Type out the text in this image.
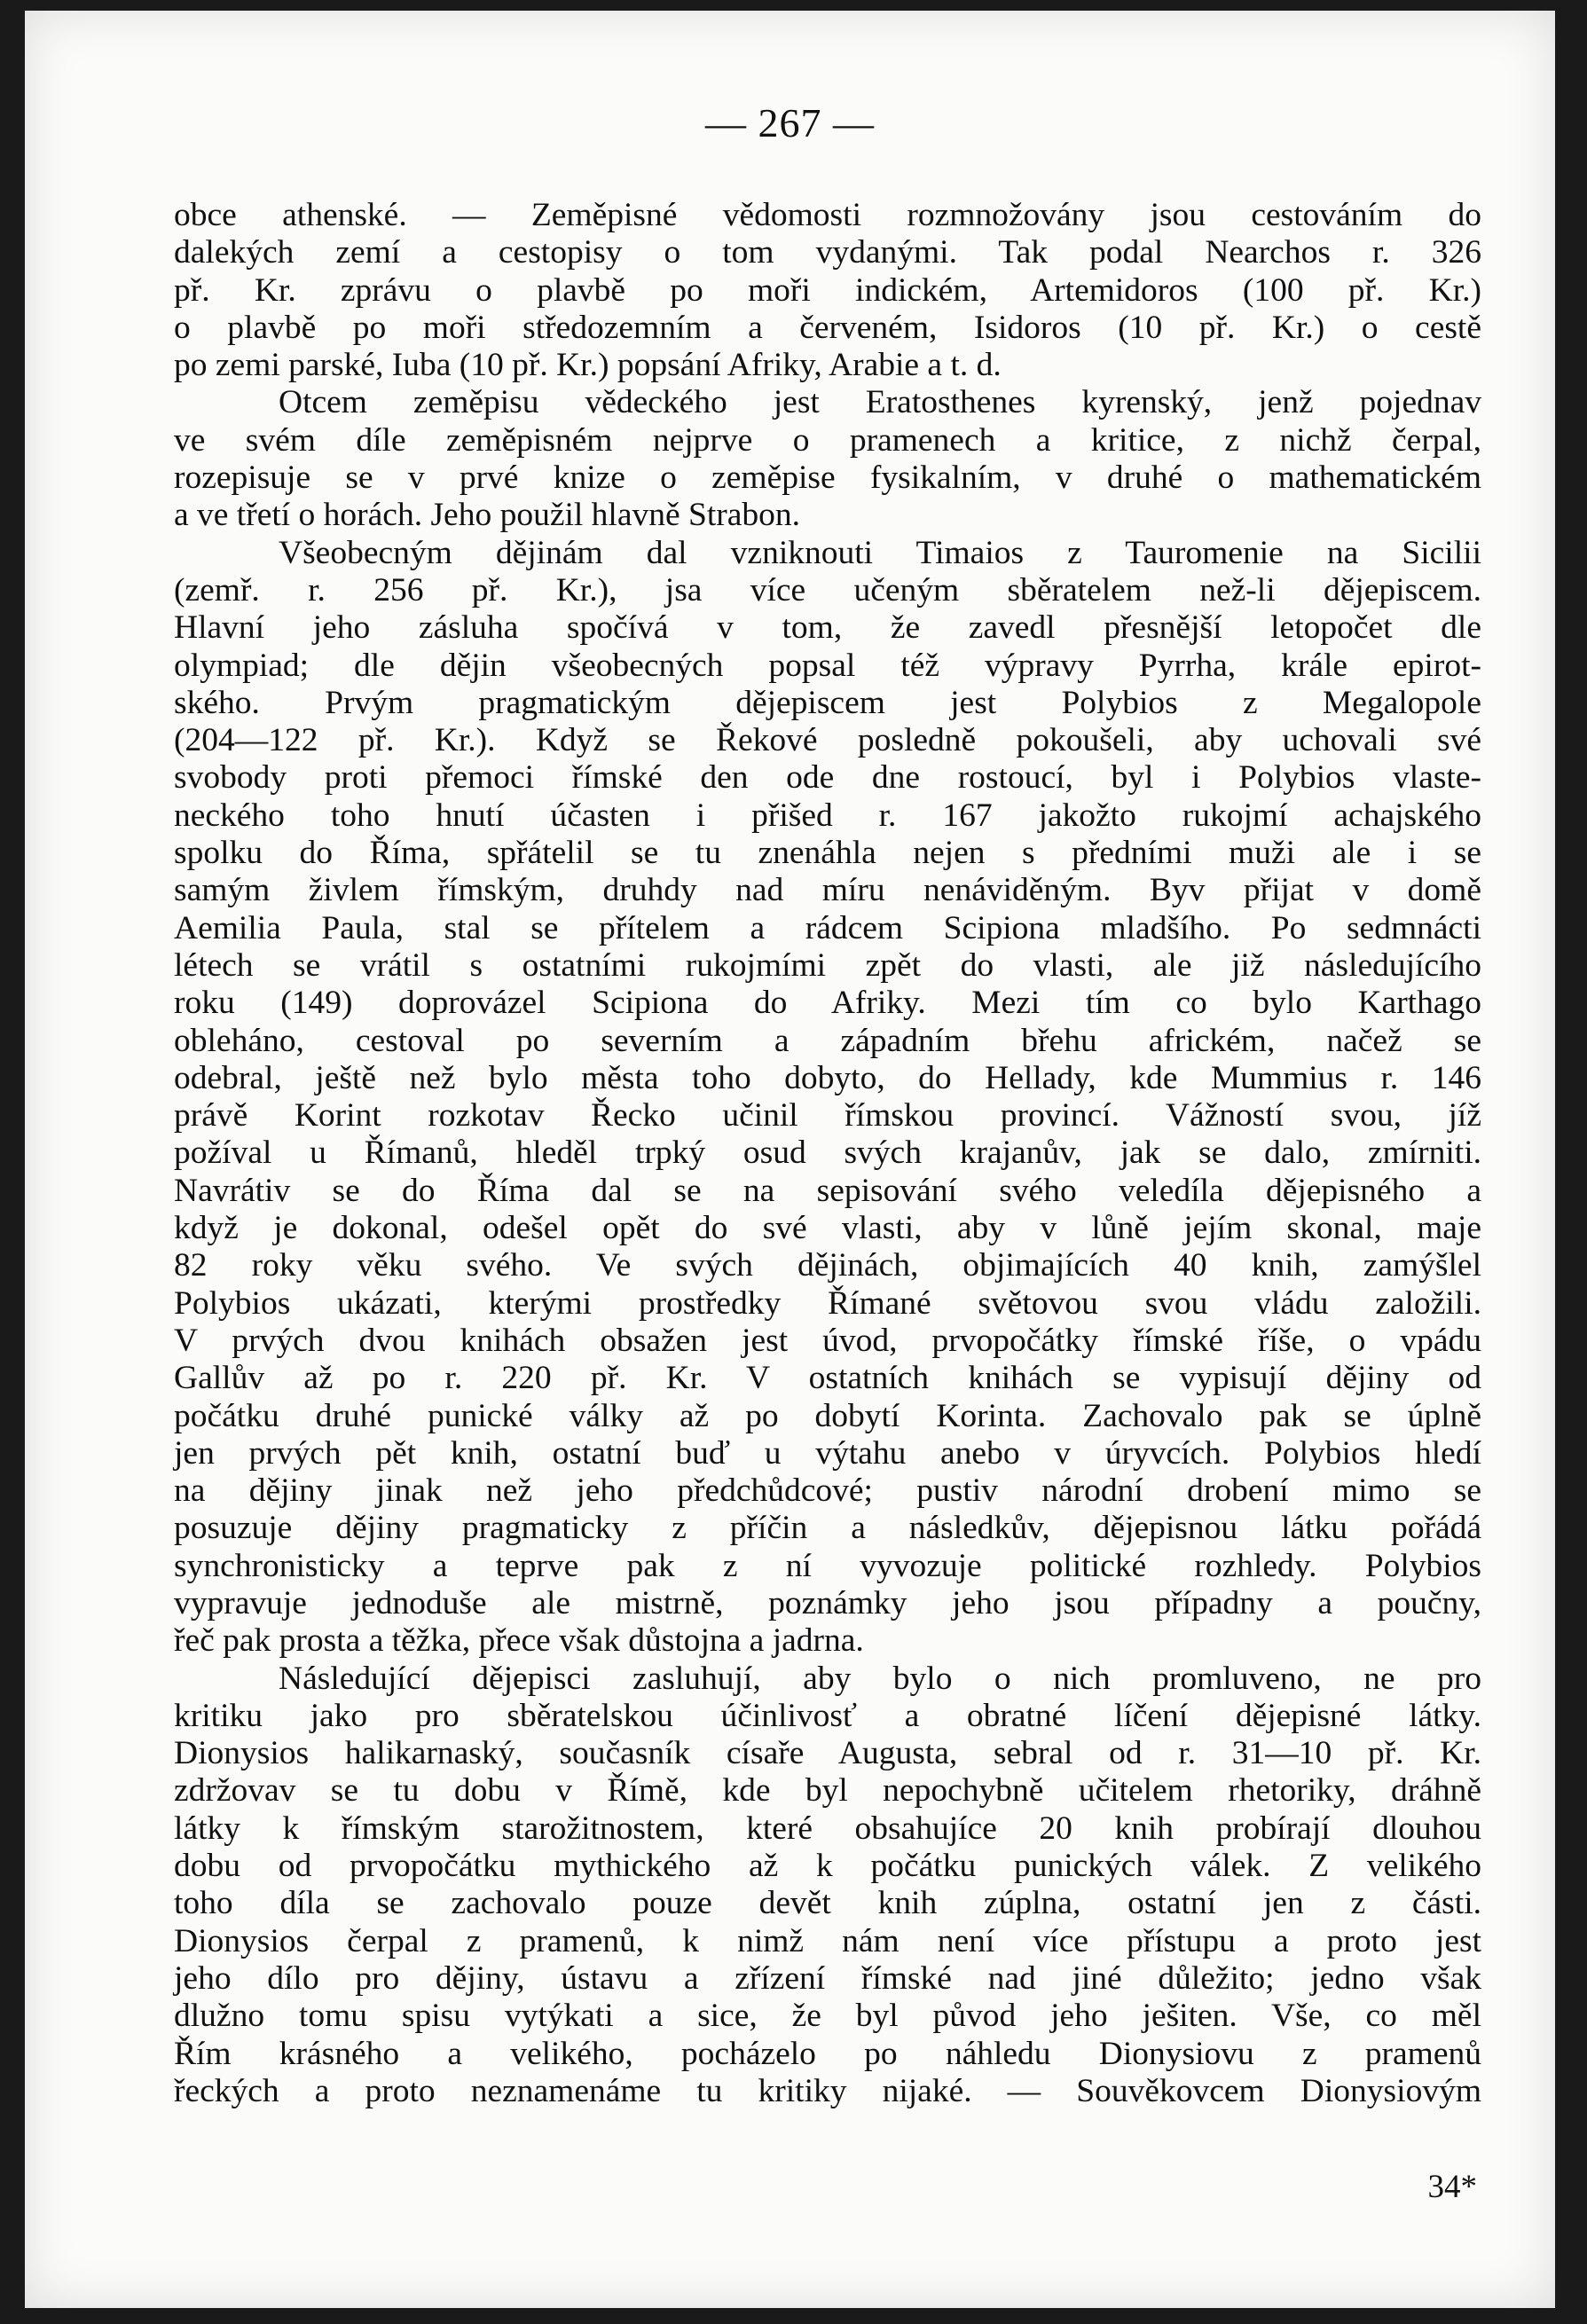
— 267 —
obce athenské. — Zeměpisné vědomosti rozmnožovány jsou cestováním do
dalekých zemí a cestopisy o tom vydanými. Tak podal Nearchos r. 326
př. Kr. zprávu o plavbě po moři indickém, Artemidoros (100 př. Kr.)
o plavbě po moři středozemním a červeném, Isidoros (10 př. Kr.) o cestě
po zemi parské, Iuba (10 př. Kr.) popsání Afriky, Arabie a t. d.
Otcem zeměpisu vědeckého jest Eratosthenes kyrenský, jenž pojednav
ve svém díle zeměpisném nejprve o pramenech a kritice, z nichž čerpal,
rozepisuje se v prvé knize o zeměpise fysikalním, v druhé o mathematickém
a ve třetí o horách. Jeho použil hlavně Strabon.
Všeobecným dějinám dal vzniknouti Timaios z Tauromenie na Sicilii
(zemř. r. 256 př. Kr.), jsa více učeným sběratelem než-li dějepiscem.
Hlavní jeho zásluha spočívá v tom, že zavedl přesnější letopočet dle
olympiad; dle dějin všeobecných popsal též výpravy Pyrrha, krále epirot-
ského. Prvým pragmatickým dějepiscem jest Polybios z Megalopole
(204—122 př. Kr.). Když se Řekové posledně pokoušeli, aby uchovali své
svobody proti přemoci římské den ode dne rostoucí, byl i Polybios vlaste-
neckého toho hnutí účasten i přišed r. 167 jakožto rukojmí achajského
spolku do Říma, spřátelil se tu znenáhla nejen s předními muži ale i se
samým živlem římským, druhdy nad míru nenáviděným. Byv přijat v domě
Aemilia Paula, stal se přítelem a rádcem Scipiona mladšího. Po sedmnácti
létech se vrátil s ostatními rukojmími zpět do vlasti, ale již následujícího
roku (149) doprovázel Scipiona do Afriky. Mezi tím co bylo Karthago
obleháno, cestoval po severním a západním břehu africkém, načež se
odebral, ještě než bylo města toho dobyto, do Hellady, kde Mummius r. 146
právě Korint rozkotav Řecko učinil římskou provincí. Vážností svou, jíž
požíval u Římanů, hleděl trpký osud svých krajanův, jak se dalo, zmírniti.
Navrátiv se do Říma dal se na sepisování svého veledíla dějepisného a
když je dokonal, odešel opět do své vlasti, aby v lůně jejím skonal, maje
82 roky věku svého. Ve svých dějinách, objimajících 40 knih, zamýšlel
Polybios ukázati, kterými prostředky Římané světovou svou vládu založili.
V prvých dvou knihách obsažen jest úvod, prvopočátky římské říše, o vpádu
Gallův až po r. 220 př. Kr. V ostatních knihách se vypisují dějiny od
počátku druhé punické války až po dobytí Korinta. Zachovalo pak se úplně
jen prvých pět knih, ostatní buď u výtahu anebo v úryvcích. Polybios hledí
na dějiny jinak než jeho předchůdcové; pustiv národní drobení mimo se
posuzuje dějiny pragmaticky z příčin a následkův, dějepisnou látku pořádá
synchronisticky a teprve pak z ní vyvozuje politické rozhledy. Polybios
vypravuje jednoduše ale mistrně, poznámky jeho jsou případny a poučny,
řeč pak prosta a těžka, přece však důstojna a jadrna.
Následující dějepisci zasluhují, aby bylo o nich promluveno, ne pro
kritiku jako pro sběratelskou účinlivosť a obratné líčení dějepisné látky.
Dionysios halikarnaský, současník císaře Augusta, sebral od r. 31—10 př. Kr.
zdržovav se tu dobu v Římě, kde byl nepochybně učitelem rhetoriky, dráhně
látky k římským starožitnostem, které obsahujíce 20 knih probírají dlouhou
dobu od prvopočátku mythického až k počátku punických válek. Z velikého
toho díla se zachovalo pouze devět knih zúplna, ostatní jen z části.
Dionysios čerpal z pramenů, k nimž nám není více přístupu a proto jest
jeho dílo pro dějiny, ústavu a zřízení římské nad jiné důležito; jedno však
dlužno tomu spisu vytýkati a sice, že byl původ jeho ješiten. Vše, co měl
Řím krásného a velikého, pocházelo po náhledu Dionysiovu z pramenů
řeckých a proto neznamenáme tu kritiky nijaké. — Souvěkovcem Dionysiovým
34*
